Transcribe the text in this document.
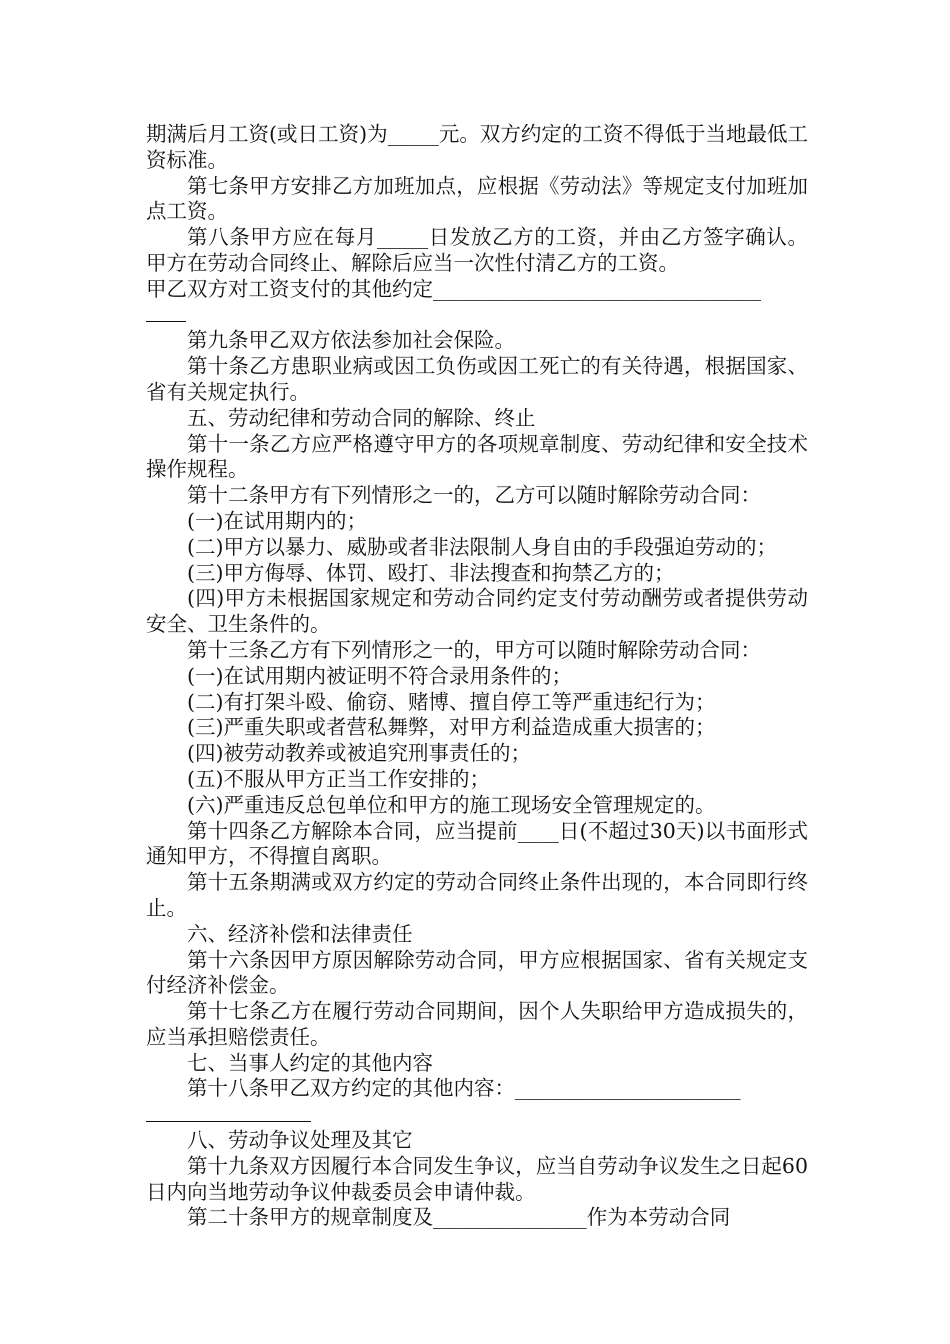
期满后月工资(或日工资)为_____元。双方约定的工资不得低于当地最低工资标准。

第七条甲方安排乙方加班加点，应根据《劳动法》等规定支付加班加点工资。

第八条甲方应在每月_____日发放乙方的工资，并由乙方签字确认。甲方在劳动合同终止、解除后应当一次性付清乙方的工资。

甲乙双方对工资支付的其他约定________________________________

第九条甲乙双方依法参加社会保险。

第十条乙方患职业病或因工负伤或因工死亡的有关待遇，根据国家、省有关规定执行。

五、劳动纪律和劳动合同的解除、终止

第十一条乙方应严格遵守甲方的各项规章制度、劳动纪律和安全技术操作规程。

第十二条甲方有下列情形之一的，乙方可以随时解除劳动合同：

(一)在试用期内的；

(二)甲方以暴力、威胁或者非法限制人身自由的手段强迫劳动的；

(三)甲方侮辱、体罚、殴打、非法搜查和拘禁乙方的；

(四)甲方未根据国家规定和劳动合同约定支付劳动酬劳或者提供劳动安全、卫生条件的。

第十三条乙方有下列情形之一的，甲方可以随时解除劳动合同：

(一)在试用期内被证明不符合录用条件的；

(二)有打架斗殴、偷窃、赌博、擅自停工等严重违纪行为；

(三)严重失职或者营私舞弊，对甲方利益造成重大损害的；

(四)被劳动教养或被追究刑事责任的；

(五)不服从甲方正当工作安排的；

(六)严重违反总包单位和甲方的施工现场安全管理规定的。

第十四条乙方解除本合同，应当提前____日(不超过30天)以书面形式通知甲方，不得擅自离职。

第十五条期满或双方约定的劳动合同终止条件出现的，本合同即行终止。

六、经济补偿和法律责任

第十六条因甲方原因解除劳动合同，甲方应根据国家、省有关规定支付经济补偿金。

第十七条乙方在履行劳动合同期间，因个人失职给甲方造成损失的，应当承担赔偿责任。

七、当事人约定的其他内容

第十八条甲乙双方约定的其他内容：______________________

八、劳动争议处理及其它

第十九条双方因履行本合同发生争议，应当自劳动争议发生之日起60日内向当地劳动争议仲裁委员会申请仲裁。

第二十条甲方的规章制度及_______________作为本劳动合同
